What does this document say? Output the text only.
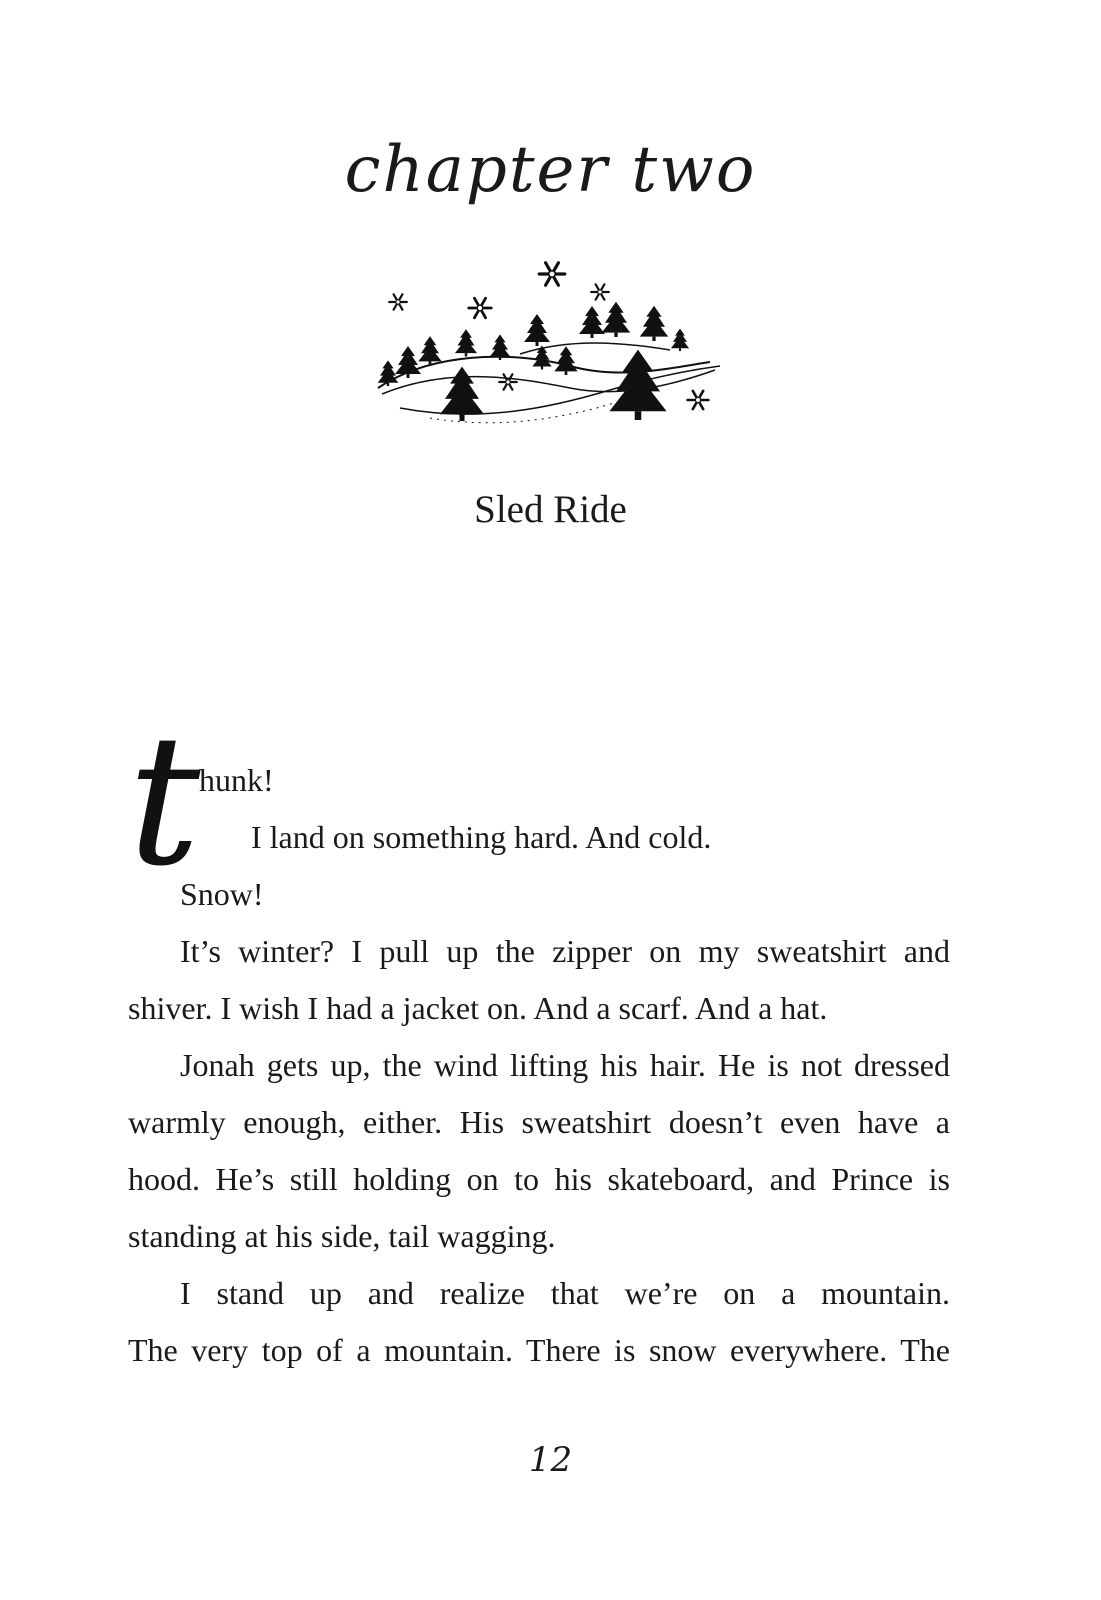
chapter two
Sled Ride
t
hunk!
I land on something hard. And cold.
Snow!
It’s winter? I pull up the zipper on my sweatshirt and
shiver. I wish I had a jacket on. And a scarf. And a hat.
Jonah gets up, the wind lifting his hair. He is not dressed
warmly enough, either. His sweatshirt doesn’t even have a
hood. He’s still holding on to his skateboard, and Prince is
standing at his side, tail wagging.
I stand up and realize that we’re on a mountain.
The very top of a mountain. There is snow everywhere. The
12
